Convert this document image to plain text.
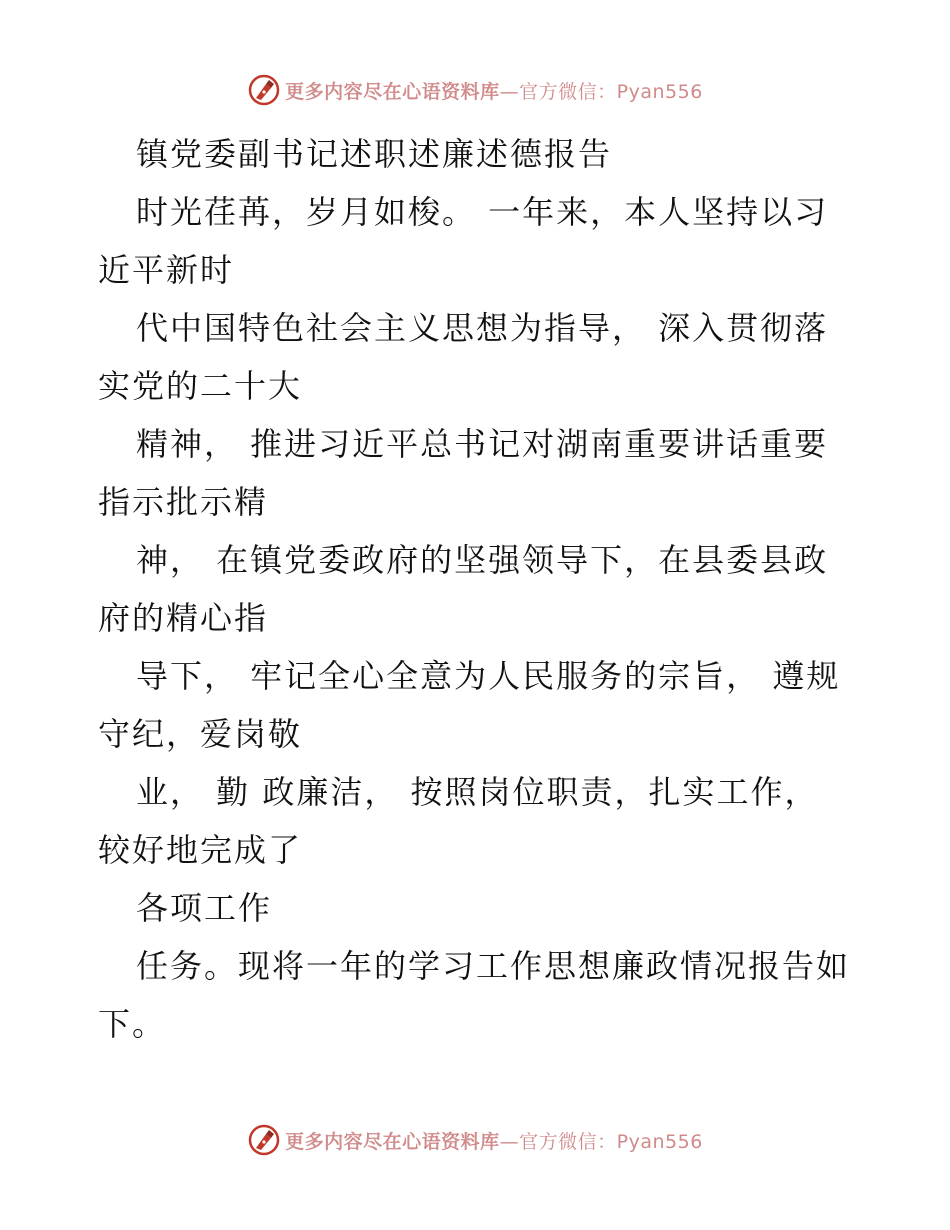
更多内容尽在心语资料库—官方微信：Pyan556
镇党委副书记述职述廉述德报告
时光荏苒，岁月如梭。 一年来，本人坚持以习
近平新时
代中国特色社会主义思想为指导， 深入贯彻落
实党的二十大
精神， 推进习近平总书记对湖南重要讲话重要
指示批示精
神， 在镇党委政府的坚强领导下，在县委县政
府的精心指
导下， 牢记全心全意为人民服务的宗旨， 遵规
守纪，爱岗敬
业， 勤 政廉洁， 按照岗位职责，扎实工作，
较好地完成了
各项工作
任务。现将一年的学习工作思想廉政情况报告如
下。
更多内容尽在心语资料库—官方微信：Pyan556
